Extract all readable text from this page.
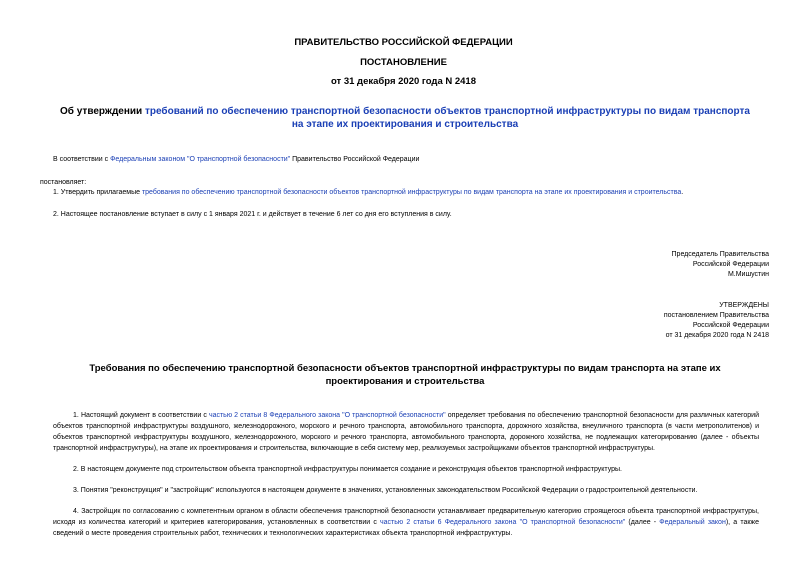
ПРАВИТЕЛЬСТВО РОССИЙСКОЙ ФЕДЕРАЦИИ
ПОСТАНОВЛЕНИЕ
от 31 декабря 2020 года N 2418
Об утверждении требований по обеспечению транспортной безопасности объектов транспортной инфраструктуры по видам транспорта на этапе их проектирования и строительства
В соответствии с Федеральным законом "О транспортной безопасности" Правительство Российской Федерации
постановляет:
1. Утвердить прилагаемые требования по обеспечению транспортной безопасности объектов транспортной инфраструктуры по видам транспорта на этапе их проектирования и строительства.
2. Настоящее постановление вступает в силу с 1 января 2021 г. и действует в течение 6 лет со дня его вступления в силу.
Председатель Правительства
Российской Федерации
М.Мишустин
УТВЕРЖДЕНЫ
постановлением Правительства
Российской Федерации
от 31 декабря 2020 года N 2418
Требования по обеспечению транспортной безопасности объектов транспортной инфраструктуры по видам транспорта на этапе их проектирования и строительства
1. Настоящий документ в соответствии с частью 2 статьи 8 Федерального закона "О транспортной безопасности" определяет требования по обеспечению транспортной безопасности для различных категорий объектов транспортной инфраструктуры воздушного, железнодорожного, морского и речного транспорта, автомобильного транспорта, дорожного хозяйства, внеуличного транспорта (в части метрополитенов) и объектов транспортной инфраструктуры воздушного, железнодорожного, морского и речного транспорта, автомобильного транспорта, дорожного хозяйства, не подлежащих категорированию (далее - объекты транспортной инфраструктуры), на этапе их проектирования и строительства, включающие в себя систему мер, реализуемых застройщиками объектов транспортной инфраструктуры.
2. В настоящем документе под строительством объекта транспортной инфраструктуры понимается создание и реконструкция объектов транспортной инфраструктуры.
3. Понятия "реконструкция" и "застройщик" используются в настоящем документе в значениях, установленных законодательством Российской Федерации о градостроительной деятельности.
4. Застройщик по согласованию с компетентным органом в области обеспечения транспортной безопасности устанавливает предварительную категорию строящегося объекта транспортной инфраструктуры, исходя из количества категорий и критериев категорирования, установленных в соответствии с частью 2 статьи 6 Федерального закона "О транспортной безопасности" (далее - Федеральный закон), а также сведений о месте проведения строительных работ, технических и технологических характеристиках объекта транспортной инфраструктуры.
